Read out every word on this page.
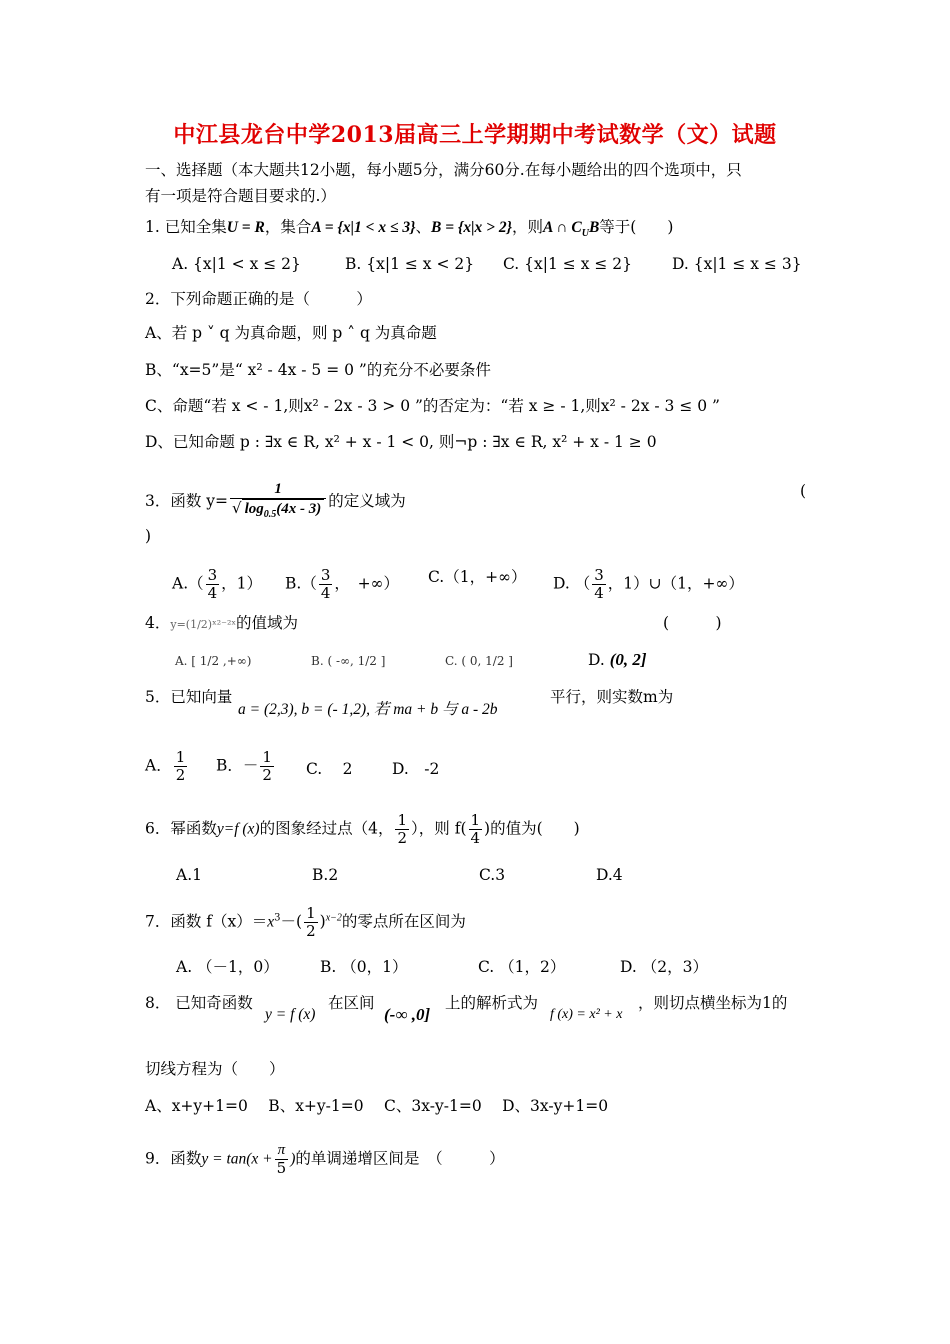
中江县龙台中学2013届高三上学期期中考试数学（文）试题
一、选择题（本大题共12小题，每小题5分，满分60分.在每小题给出的四个选项中，只
有一项是符合题目要求的.）
1. 已知全集U = R，集合A = {x|1 < x ≤ 3}、B = {x|x > 2}，则A ∩ $C_UB$等于(　　)
A. {x|1 < x ≤ 2}	B. {x|1 ≤ x < 2} C. {x|1 ≤ x ≤ 2}	D. {x|1 ≤ x ≤ 3}
2．下列命题正确的是（　　　）
A、若 p ˅ q 为真命题，则 p ˄ q 为真命题
B、“x=5”是“ x² - 4x - 5 = 0 ”的充分不必要条件
C、命题“若 x < - 1,则x² - 2x - 3 > 0 ”的否定为：“若 x ≥ - 1,则x² - 2x - 3 ≤ 0 ”
D、已知命题 p : ∃x ∈ R, x² + x - 1 < 0, 则¬p : ∃x ∈ R, x² + x - 1 ≥ 0
3．函数 $y= \frac{1}{√ \log_{0.5}(4x - 3)}$ 的定义域为
(
)
$A.( \frac{3}{4}$ ，1） $B.( \frac{3}{4}$ ，　+∞） C.（1，+∞） D. （ $\frac{3}{4}$ ，1）∪（1，+∞）
4．y=(1/2)ˣ²⁻²ˣ的值域为	(　　　)
A. [ 1/2 ,+∞)	B. ( -∞, 1/2 ]	C. ( 0, 1/2 ]	D. (0, 2]
5．已知向量
a = (2,3), b = (- 1,2), 若 ma + b 与 a - 2b
平行，则实数m为
A． $\frac{1}{2}$ B．－ $\frac{1}{2} C$.　 2	D.　-2
6．幂函数y=f (x)的图象经过点（4， $\frac{1}{2}$ ），则 $f( \frac{1}{4}$ )的值为(　　)
A.1	B.2	C.3	D.4
7．函数 $f(x)=x^3-( \frac{1}{2} )^{x-2}$的零点所在区间为
A. （－1，0）	B. （0，1）	C. （1，2）	D. （2，3）
8． 已知奇函数
y = f (x)
在区间
(-∞ ,0]
上的解析式为
f (x) = x² + x
，则切点横坐标为1的
切线方程为（　　）
A、x+y+1=0　 B、x+y-1=0　 C、3x-y-1=0　 D、3x-y+1=0
9．函数$y = \tan(x + \frac{\pi}{5}$ )的单调递增区间是　（　　　）
